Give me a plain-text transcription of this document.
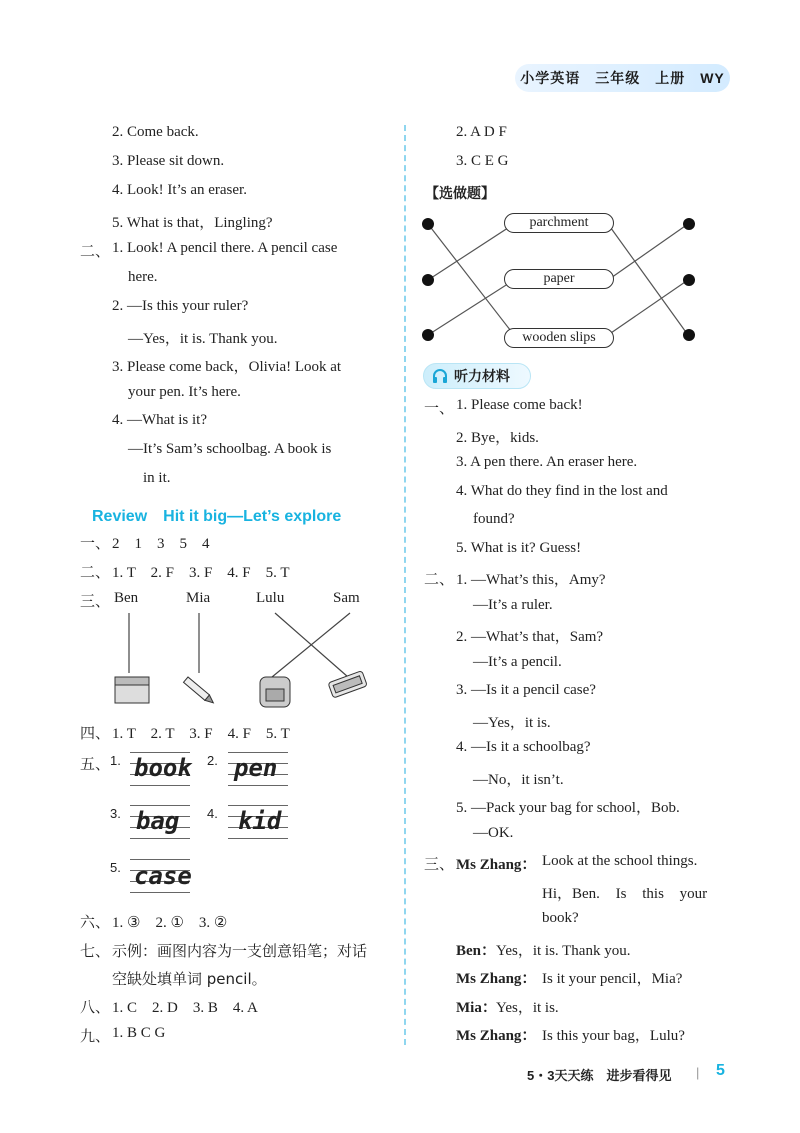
小学英语　三年级　上册　WY
2. Come back.
3. Please sit down.
4. Look! It’s an eraser.
5. What is that，Lingling?
二、 1. Look! A pencil there. A pencil case
here.
2. —Is this your ruler?
—Yes，it is. Thank you.
3. Please come back，Olivia! Look at
your pen. It’s here.
4. —What is it?
—It’s Sam’s schoolbag. A book is
in it.
Review　Hit it big—Let’s explore
一、 2　1　3　5　4
二、 1. T　2. F　3. F　4. F　5. T
三、 Ben	Mia	Lulu	Sam
四、 1. T　2. T　3. F　4. F　5. T
五、 1. book 2. pen
3. bag 4. kid
5. case
六、 1. ③　2. ①　3. ②
七、 示例：画图内容为一支创意铅笔；对话
空缺处填单词 pencil。
八、 1. C　2. D　3. B　4. A
九、 1. B C G
2. A D F
3. C E G
【选做题】
parchment
paper
wooden slips
听力材料
一、 1. Please come back!
2. Bye，kids.
3. A pen there. An eraser here.
4. What do they find in the lost and
found?
5. What is it? Guess!
二、 1. —What’s this，Amy?
—It’s a ruler.
2. —What’s that，Sam?
—It’s a pencil.
3. —Is it a pencil case?
—Yes，it is.
4. —Is it a schoolbag?
—No，it isn’t.
5. —Pack your bag for school，Bob.
—OK.
三、 Ms Zhang： Look at the school things.
Hi，Ben. Is this your
book?
Ben： Yes，it is. Thank you.
Ms Zhang： Is it your pencil，Mia?
Mia： Yes，it is.
Ms Zhang： Is this your bag，Lulu?
5・3天天练　进步看得见 | 5
